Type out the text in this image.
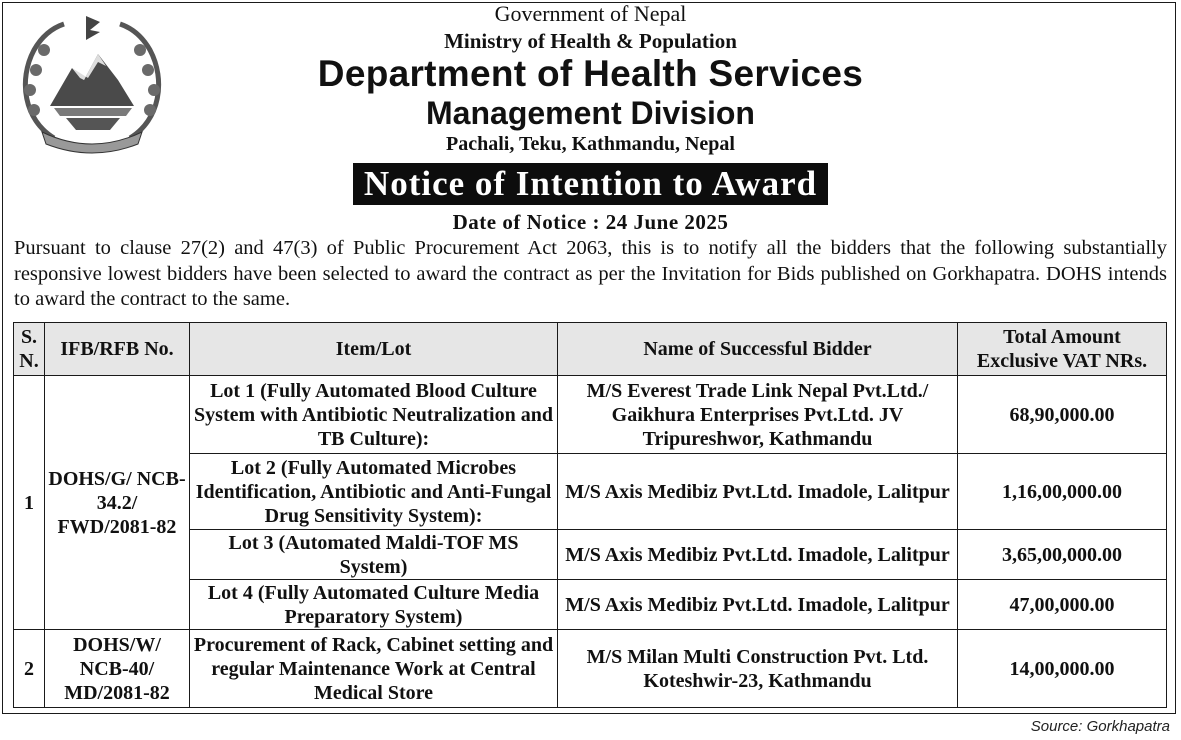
Government of Nepal
Ministry of Health & Population
Department of Health Services
Management Division
Pachali, Teku, Kathmandu, Nepal
Notice of Intention to Award
Date of Notice : 24 June 2025

Pursuant to clause 27(2) and 47(3) of Public Procurement Act 2063, this is to notify all the bidders that the following substantially responsive lowest bidders have been selected to award the contract as per the Invitation for Bids published on Gorkhapatra. DOHS intends to award the contract to the same.

S. N.	IFB/RFB No.	Item/Lot	Name of Successful Bidder	Total Amount Exclusive VAT NRs.
1	DOHS/G/ NCB-34.2/ FWD/2081-82	Lot 1 (Fully Automated Blood Culture System with Antibiotic Neutralization and TB Culture):	M/S Everest Trade Link Nepal Pvt.Ltd./ Gaikhura Enterprises Pvt.Ltd. JV Tripureshwor, Kathmandu	68,90,000.00
		Lot 2 (Fully Automated Microbes Identification, Antibiotic and Anti-Fungal Drug Sensitivity System):	M/S Axis Medibiz Pvt.Ltd. Imadole, Lalitpur	1,16,00,000.00
		Lot 3 (Automated Maldi-TOF MS System)	M/S Axis Medibiz Pvt.Ltd. Imadole, Lalitpur	3,65,00,000.00
		Lot 4 (Fully Automated Culture Media Preparatory System)	M/S Axis Medibiz Pvt.Ltd. Imadole, Lalitpur	47,00,000.00
2	DOHS/W/ NCB-40/ MD/2081-82	Procurement of Rack, Cabinet setting and regular Maintenance Work at Central Medical Store	M/S Milan Multi Construction Pvt. Ltd. Koteshwir-23, Kathmandu	14,00,000.00
Source: Gorkhapatra
